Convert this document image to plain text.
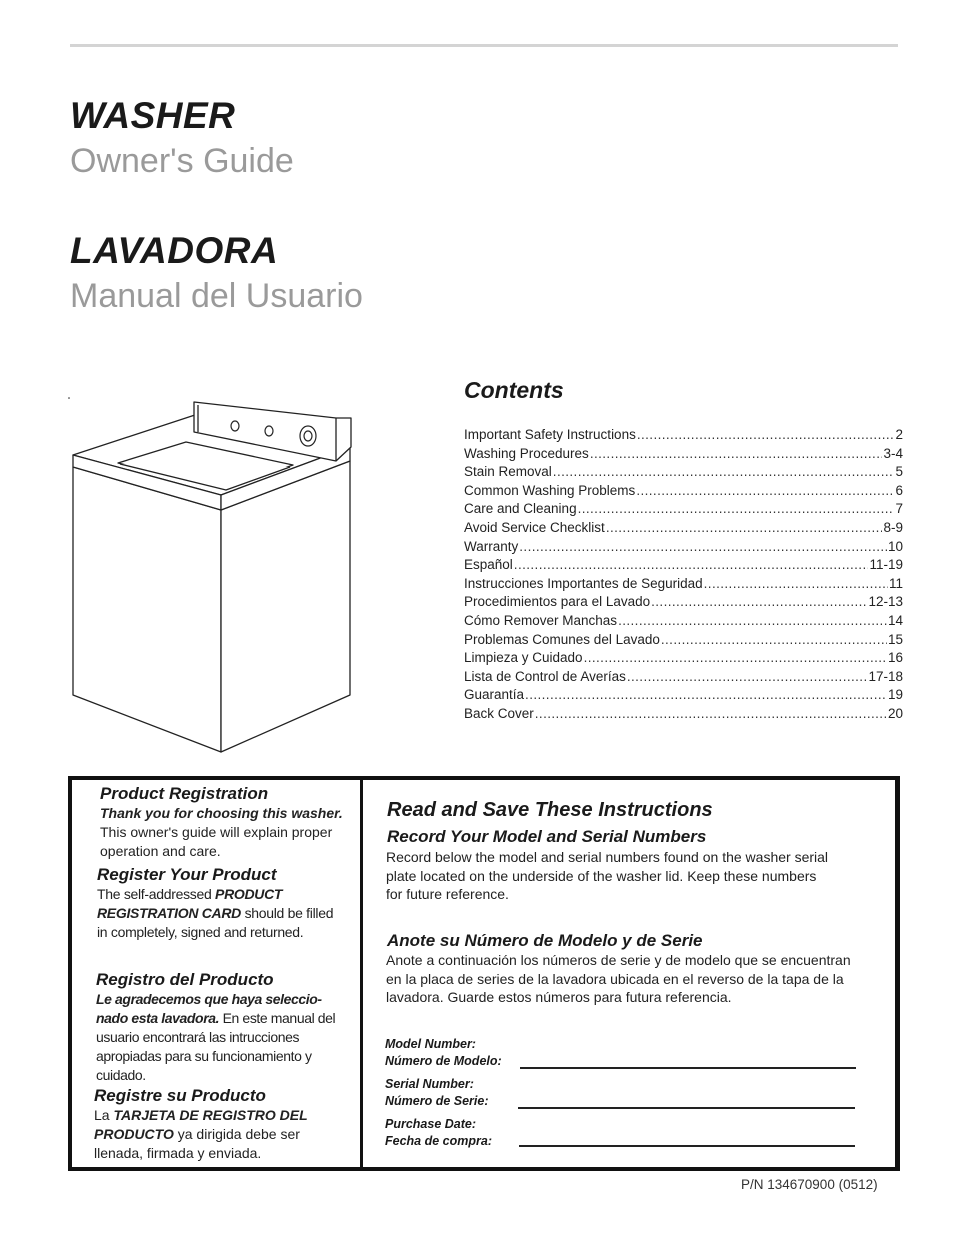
WASHER
Owner's Guide
LAVADORA
Manual del Usuario
Contents
Important Safety Instructions .....	2
Washing Procedures .....	3-4
Stain Removal .....	5
Common Washing Problems .....	6
Care and Cleaning .....	7
Avoid Service Checklist .....	8-9
Warranty .....	10
Español .....	11-19
Instrucciones Importantes de Seguridad .....	11
Procedimientos para el Lavado .....	12-13
Cómo Remover Manchas .....	14
Problemas Comunes del Lavado .....	15
Limpieza y Cuidado .....	16
Lista de Control de Averías .....	17-18
Guarantía .....	19
Back Cover .....	20
Product Registration
Thank you for choosing this washer. This owner's guide will explain proper operation and care.
Register Your Product
The self-addressed PRODUCT REGISTRATION CARD should be filled in completely, signed and returned.
Registro del Producto
Le agradecemos que haya seleccio-nado esta lavadora. En este manual del usuario encontrará las intrucciones apropiadas para su funcionamiento y cuidado.
Registre su Producto
La TARJETA DE REGISTRO DEL PRODUCTO ya dirigida debe ser llenada, firmada y enviada.
Read and Save These Instructions
Record Your Model and Serial Numbers
Record below the model and serial numbers found on the washer serial plate located on the underside of the washer lid. Keep these numbers for future reference.
Anote su Número de Modelo y de Serie
Anote a continuación los números de serie y de modelo que se encuentran en la placa de series de la lavadora ubicada en el reverso de la tapa de la lavadora. Guarde estos números para futura referencia.
Model Number:
Número de Modelo:
Serial Number:
Número de Serie:
Purchase Date:
Fecha de compra:
P/N 134670900 (0512)
